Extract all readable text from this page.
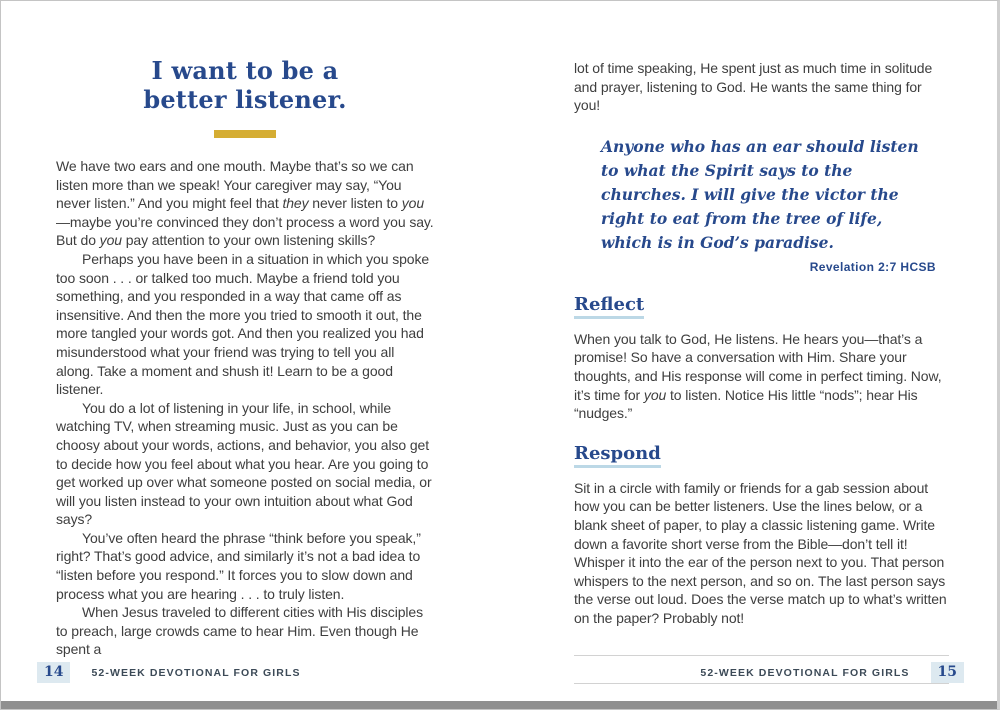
I want to be a
better listener.

We have two ears and one mouth. Maybe that’s so we can listen more than we speak! Your caregiver may say, “You never listen.” And you might feel that they never listen to you—maybe you’re convinced they don’t process a word you say. But do you pay attention to your own listening skills?

Perhaps you have been in a situation in which you spoke too soon . . . or talked too much. Maybe a friend told you something, and you responded in a way that came off as insensitive. And then the more you tried to smooth it out, the more tangled your words got. And then you realized you had misunderstood what your friend was trying to tell you all along. Take a moment and shush it! Learn to be a good listener.

You do a lot of listening in your life, in school, while watching TV, when streaming music. Just as you can be choosy about your words, actions, and behavior, you also get to decide how you feel about what you hear. Are you going to get worked up over what someone posted on social media, or will you listen instead to your own intuition about what God says?

You’ve often heard the phrase “think before you speak,” right? That’s good advice, and similarly it’s not a bad idea to “listen before you respond.” It forces you to slow down and process what you are hearing . . . to truly listen.

When Jesus traveled to different cities with His disciples to preach, large crowds came to hear Him. Even though He spent a

lot of time speaking, He spent just as much time in solitude and prayer, listening to God. He wants the same thing for you!

Anyone who has an ear should listen to what the Spirit says to the churches. I will give the victor the right to eat from the tree of life, which is in God’s paradise.
Revelation 2:7 HCSB
Reflect

When you talk to God, He listens. He hears you—that’s a promise! So have a conversation with Him. Share your thoughts, and His response will come in perfect timing. Now, it’s time for you to listen. Notice His little “nods”; hear His “nudges.”

Respond

Sit in a circle with family or friends for a gab session about how you can be better listeners. Use the lines below, or a blank sheet of paper, to play a classic listening game. Write down a favorite short verse from the Bible—don’t tell it! Whisper it into the ear of the person next to you. That person whispers to the next person, and so on. The last person says the verse out loud. Does the verse match up to what’s written on the paper? Probably not!

14	52-WEEK DEVOTIONAL FOR GIRLS	52-WEEK DEVOTIONAL FOR GIRLS	15
